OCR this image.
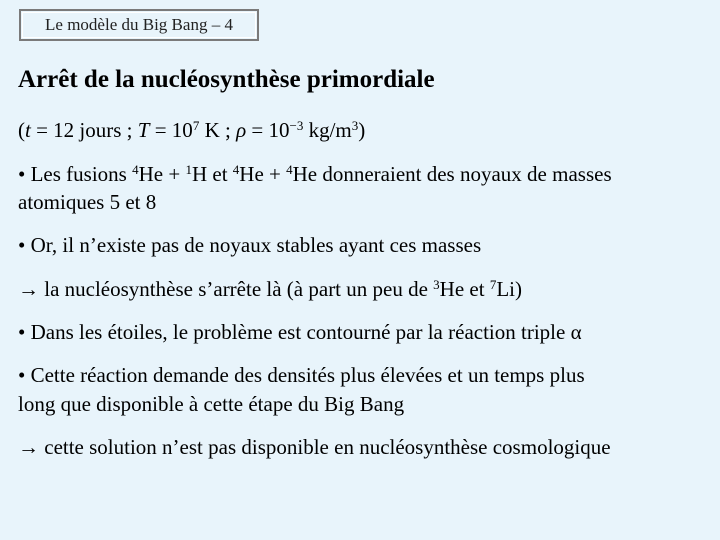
Le modèle du Big Bang – 4
Arrêt de la nucléosynthèse primordiale

(t = 12 jours ; $T = 10^7$ K ; $\rho = 10^{-3}$ $kg/m^3$)

• Les fusions $^4$He + $^1$H et $^4$He + $^4$He donneraient des noyaux de masses

atomiques 5 et 8

• Or, il n’existe pas de noyaux stables ayant ces masses

→ la nucléosynthèse s’arrête là (à part un peu de $^3$He et $^7$Li)

• Dans les étoiles, le problème est contourné par la réaction triple α

• Cette réaction demande des densités plus élevées et un temps plus

long que disponible à cette étape du Big Bang

→ cette solution n’est pas disponible en nucléosynthèse cosmologique
